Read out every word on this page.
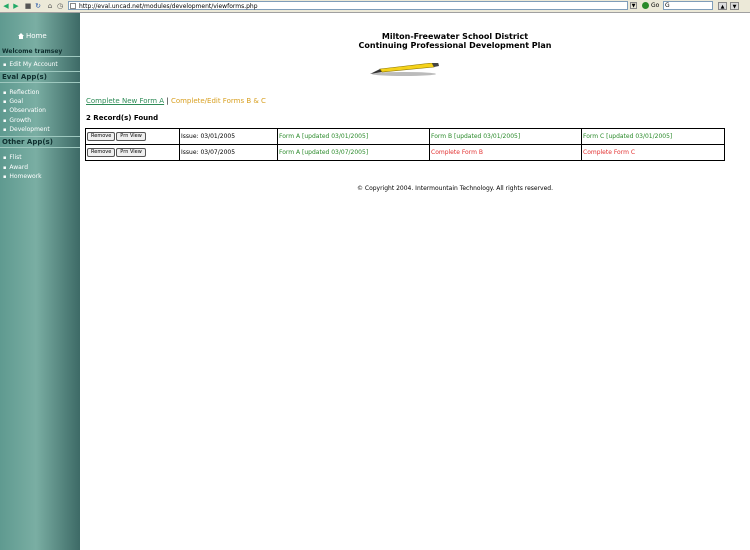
◀ ▶ ■ ↻ ⌂ ◷	http://eval.uncad.net/modules/development/viewforms.php	▼	Go G	▲	▼
Home
Welcome tramsey
▪ Edit My Account
Eval App(s)
▪ Reflection
▪ Goal
▪ Observation
▪ Growth
▪ Development
Other App(s)
▪ Flist
▪ Award
▪ Homework
Milton-Freewater School District
Continuing Professional Development Plan
Complete New Form A | Complete/Edit Forms B & C
2 Record(s) Found
Remove Prn View	Issue: 03/01/2005	Form A [updated 03/01/2005]	Form B [updated 03/01/2005]	Form C [updated 03/01/2005]
Remove Prn View	Issue: 03/07/2005	Form A [updated 03/07/2005]	Complete Form B	Complete Form C
© Copyright 2004. Intermountain Technology. All rights reserved.
